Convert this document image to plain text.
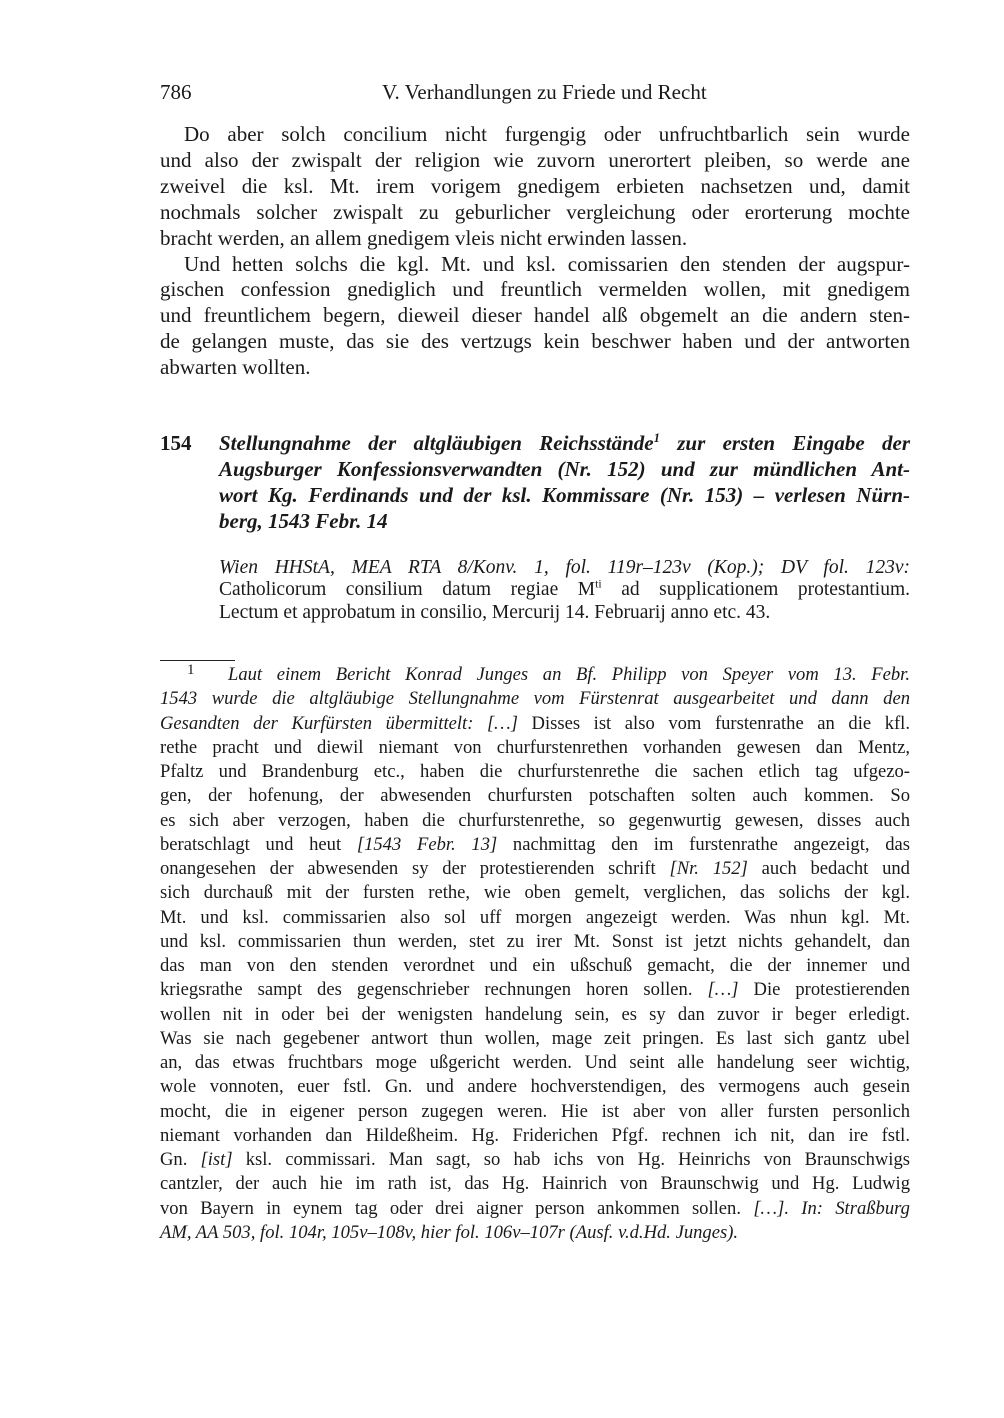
786	V. Verhandlungen zu Friede und Recht
Do aber solch concilium nicht furgengig oder unfruchtbarlich sein wurde
und also der zwispalt der religion wie zuvorn unerortert pleiben, so werde ane
zweivel die ksl. Mt. irem vorigem gnedigem erbieten nachsetzen und, damit
nochmals solcher zwispalt zu geburlicher vergleichung oder erorterung mochte
bracht werden, an allem gnedigem vleis nicht erwinden lassen.
Und hetten solchs die kgl. Mt. und ksl. comissarien den stenden der augspur-
gischen confession gnediglich und freuntlich vermelden wollen, mit gnedigem
und freuntlichem begern, dieweil dieser handel alß obgemelt an die andern sten-
de gelangen muste, das sie des vertzugs kein beschwer haben und der antworten
abwarten wollten.
154 Stellungnahme der altgläubigen Reichsstände$^1$ zur ersten Eingabe der
Augsburger Konfessionsverwandten (Nr. 152) und zur mündlichen Ant-
wort Kg. Ferdinands und der ksl. Kommissare (Nr. 153) – verlesen Nürn-
berg, 1543 Febr. 14
Wien HHStA, MEA RTA 8/Konv. 1, fol. 119r–123v (Kop.); DV fol. 123v:
Catholicorum consilium datum regiae $M^{ti}$ ad supplicationem protestantium.
Lectum et approbatum in consilio, Mercurij 14. Februarij anno etc. 43.
1 Laut einem Bericht Konrad Junges an Bf. Philipp von Speyer vom 13. Febr.
1543 wurde die altgläubige Stellungnahme vom Fürstenrat ausgearbeitet und dann den
Gesandten der Kurfürsten übermittelt: […] Disses ist also vom furstenrathe an die kfl.
rethe pracht und diewil niemant von churfurstenrethen vorhanden gewesen dan Mentz,
Pfaltz und Brandenburg etc., haben die churfurstenrethe die sachen etlich tag ufgezo-
gen, der hofenung, der abwesenden churfursten potschaften solten auch kommen. So
es sich aber verzogen, haben die churfurstenrethe, so gegenwurtig gewesen, disses auch
beratschlagt und heut [1543 Febr. 13] nachmittag den im furstenrathe angezeigt, das
onangesehen der abwesenden sy der protestierenden schrift [Nr. 152] auch bedacht und
sich durchauß mit der fursten rethe, wie oben gemelt, verglichen, das solichs der kgl.
Mt. und ksl. commissarien also sol uff morgen angezeigt werden. Was nhun kgl. Mt.
und ksl. commissarien thun werden, stet zu irer Mt. Sonst ist jetzt nichts gehandelt, dan
das man von den stenden verordnet und ein ußschuß gemacht, die der innemer und
kriegsrathe sampt des gegenschrieber rechnungen horen sollen. […] Die protestierenden
wollen nit in oder bei der wenigsten handelung sein, es sy dan zuvor ir beger erledigt.
Was sie nach gegebener antwort thun wollen, mage zeit pringen. Es last sich gantz ubel
an, das etwas fruchtbars moge ußgericht werden. Und seint alle handelung seer wichtig,
wole vonnoten, euer fstl. Gn. und andere hochverstendigen, des vermogens auch gesein
mocht, die in eigener person zugegen weren. Hie ist aber von aller fursten personlich
niemant vorhanden dan Hildeßheim. Hg. Friderichen Pfgf. rechnen ich nit, dan ire fstl.
Gn. [ist] ksl. commissari. Man sagt, so hab ichs von Hg. Heinrichs von Braunschwigs
cantzler, der auch hie im rath ist, das Hg. Hainrich von Braunschwig und Hg. Ludwig
von Bayern in eynem tag oder drei aigner person ankommen sollen. […]. In: Straßburg
AM, AA 503, fol. 104r, 105v–108v, hier fol. 106v–107r (Ausf. v.d.Hd. Junges).
